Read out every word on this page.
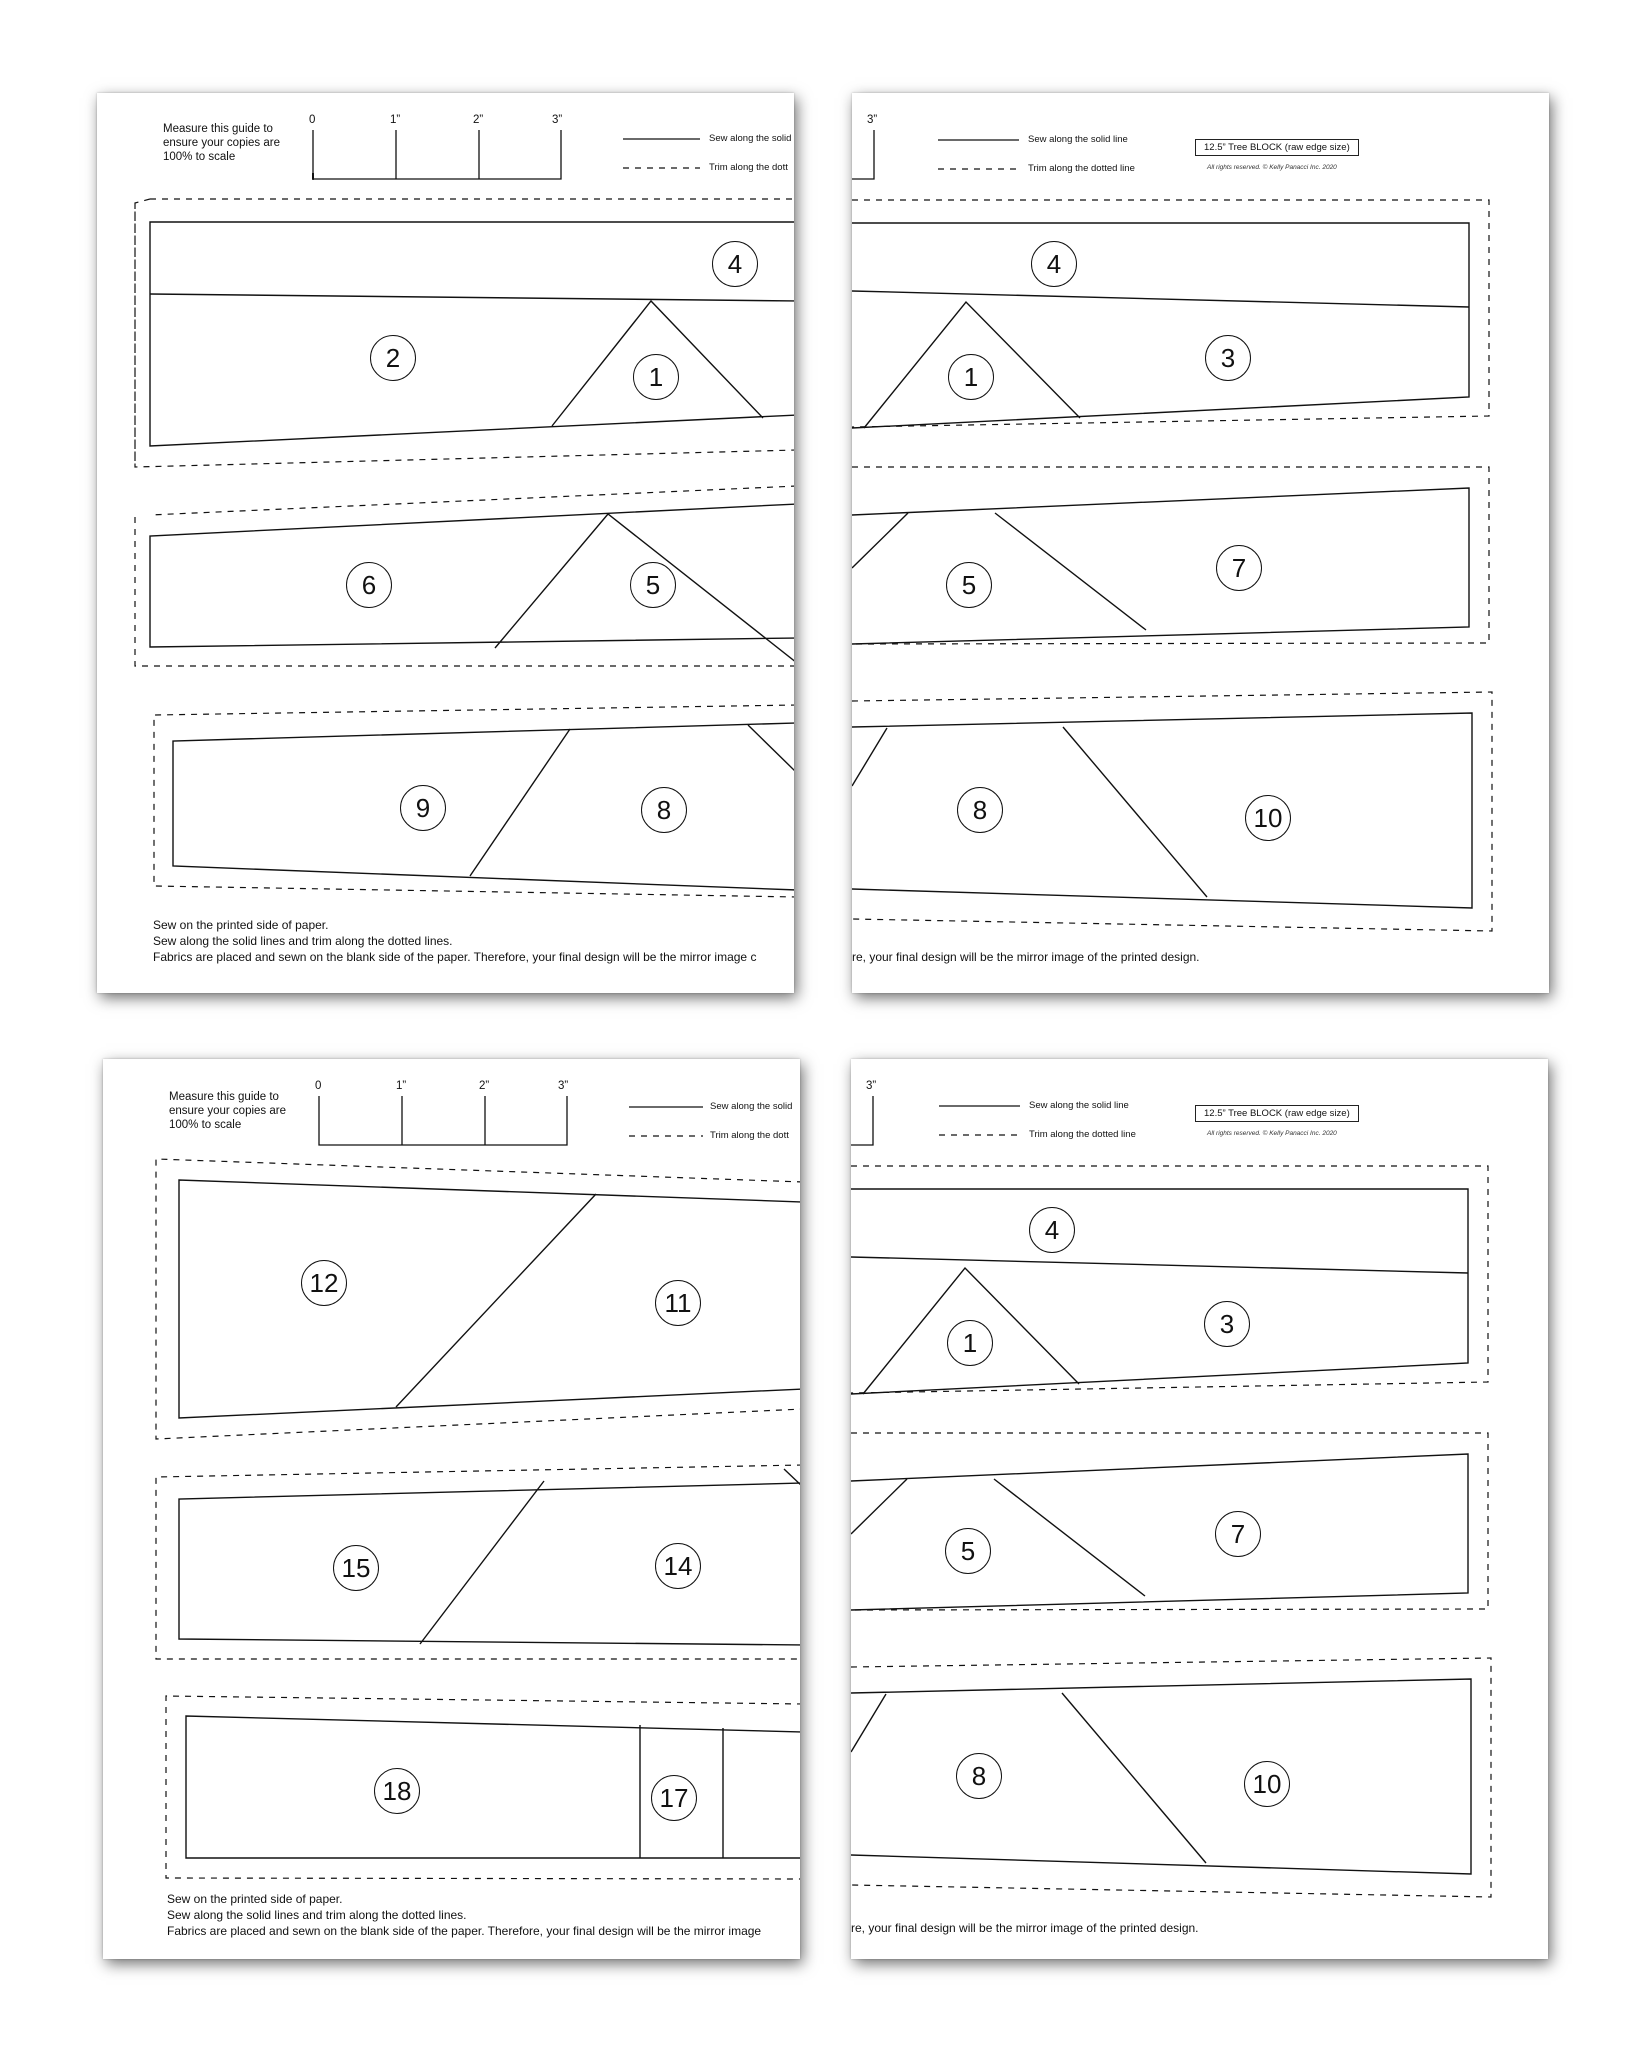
Measure this guide to ensure your copies are 100% to scale
0	1”	2”	3”
Sew along the solid
Trim along the dott
4
2
1
6	5
9	8
Sew on the printed side of paper.
Sew along the solid lines and trim along the dotted lines.
Fabrics are placed and sewn on the blank side of the paper. Therefore, your final design will be the mirror image c
3”
Sew along the solid line
Trim along the dotted line
12.5” Tree BLOCK (raw edge size)
All rights reserved. © Kelly Panacci Inc. 2020
4
1
3
5
7
8	10
re, your final design will be the mirror image of the printed design.
Measure this guide to ensure your copies are 100% to scale
0	1”	2”	3”
Sew along the solid
Trim along the dott
12
11
15	14
18	17
Sew on the printed side of paper.
Sew along the solid lines and trim along the dotted lines.
Fabrics are placed and sewn on the blank side of the paper. Therefore, your final design will be the mirror image
3”
Sew along the solid line
Trim along the dotted line
12.5” Tree BLOCK (raw edge size)
All rights reserved. © Kelly Panacci Inc. 2020
4
1
3
5
7
8	10
re, your final design will be the mirror image of the printed design.
